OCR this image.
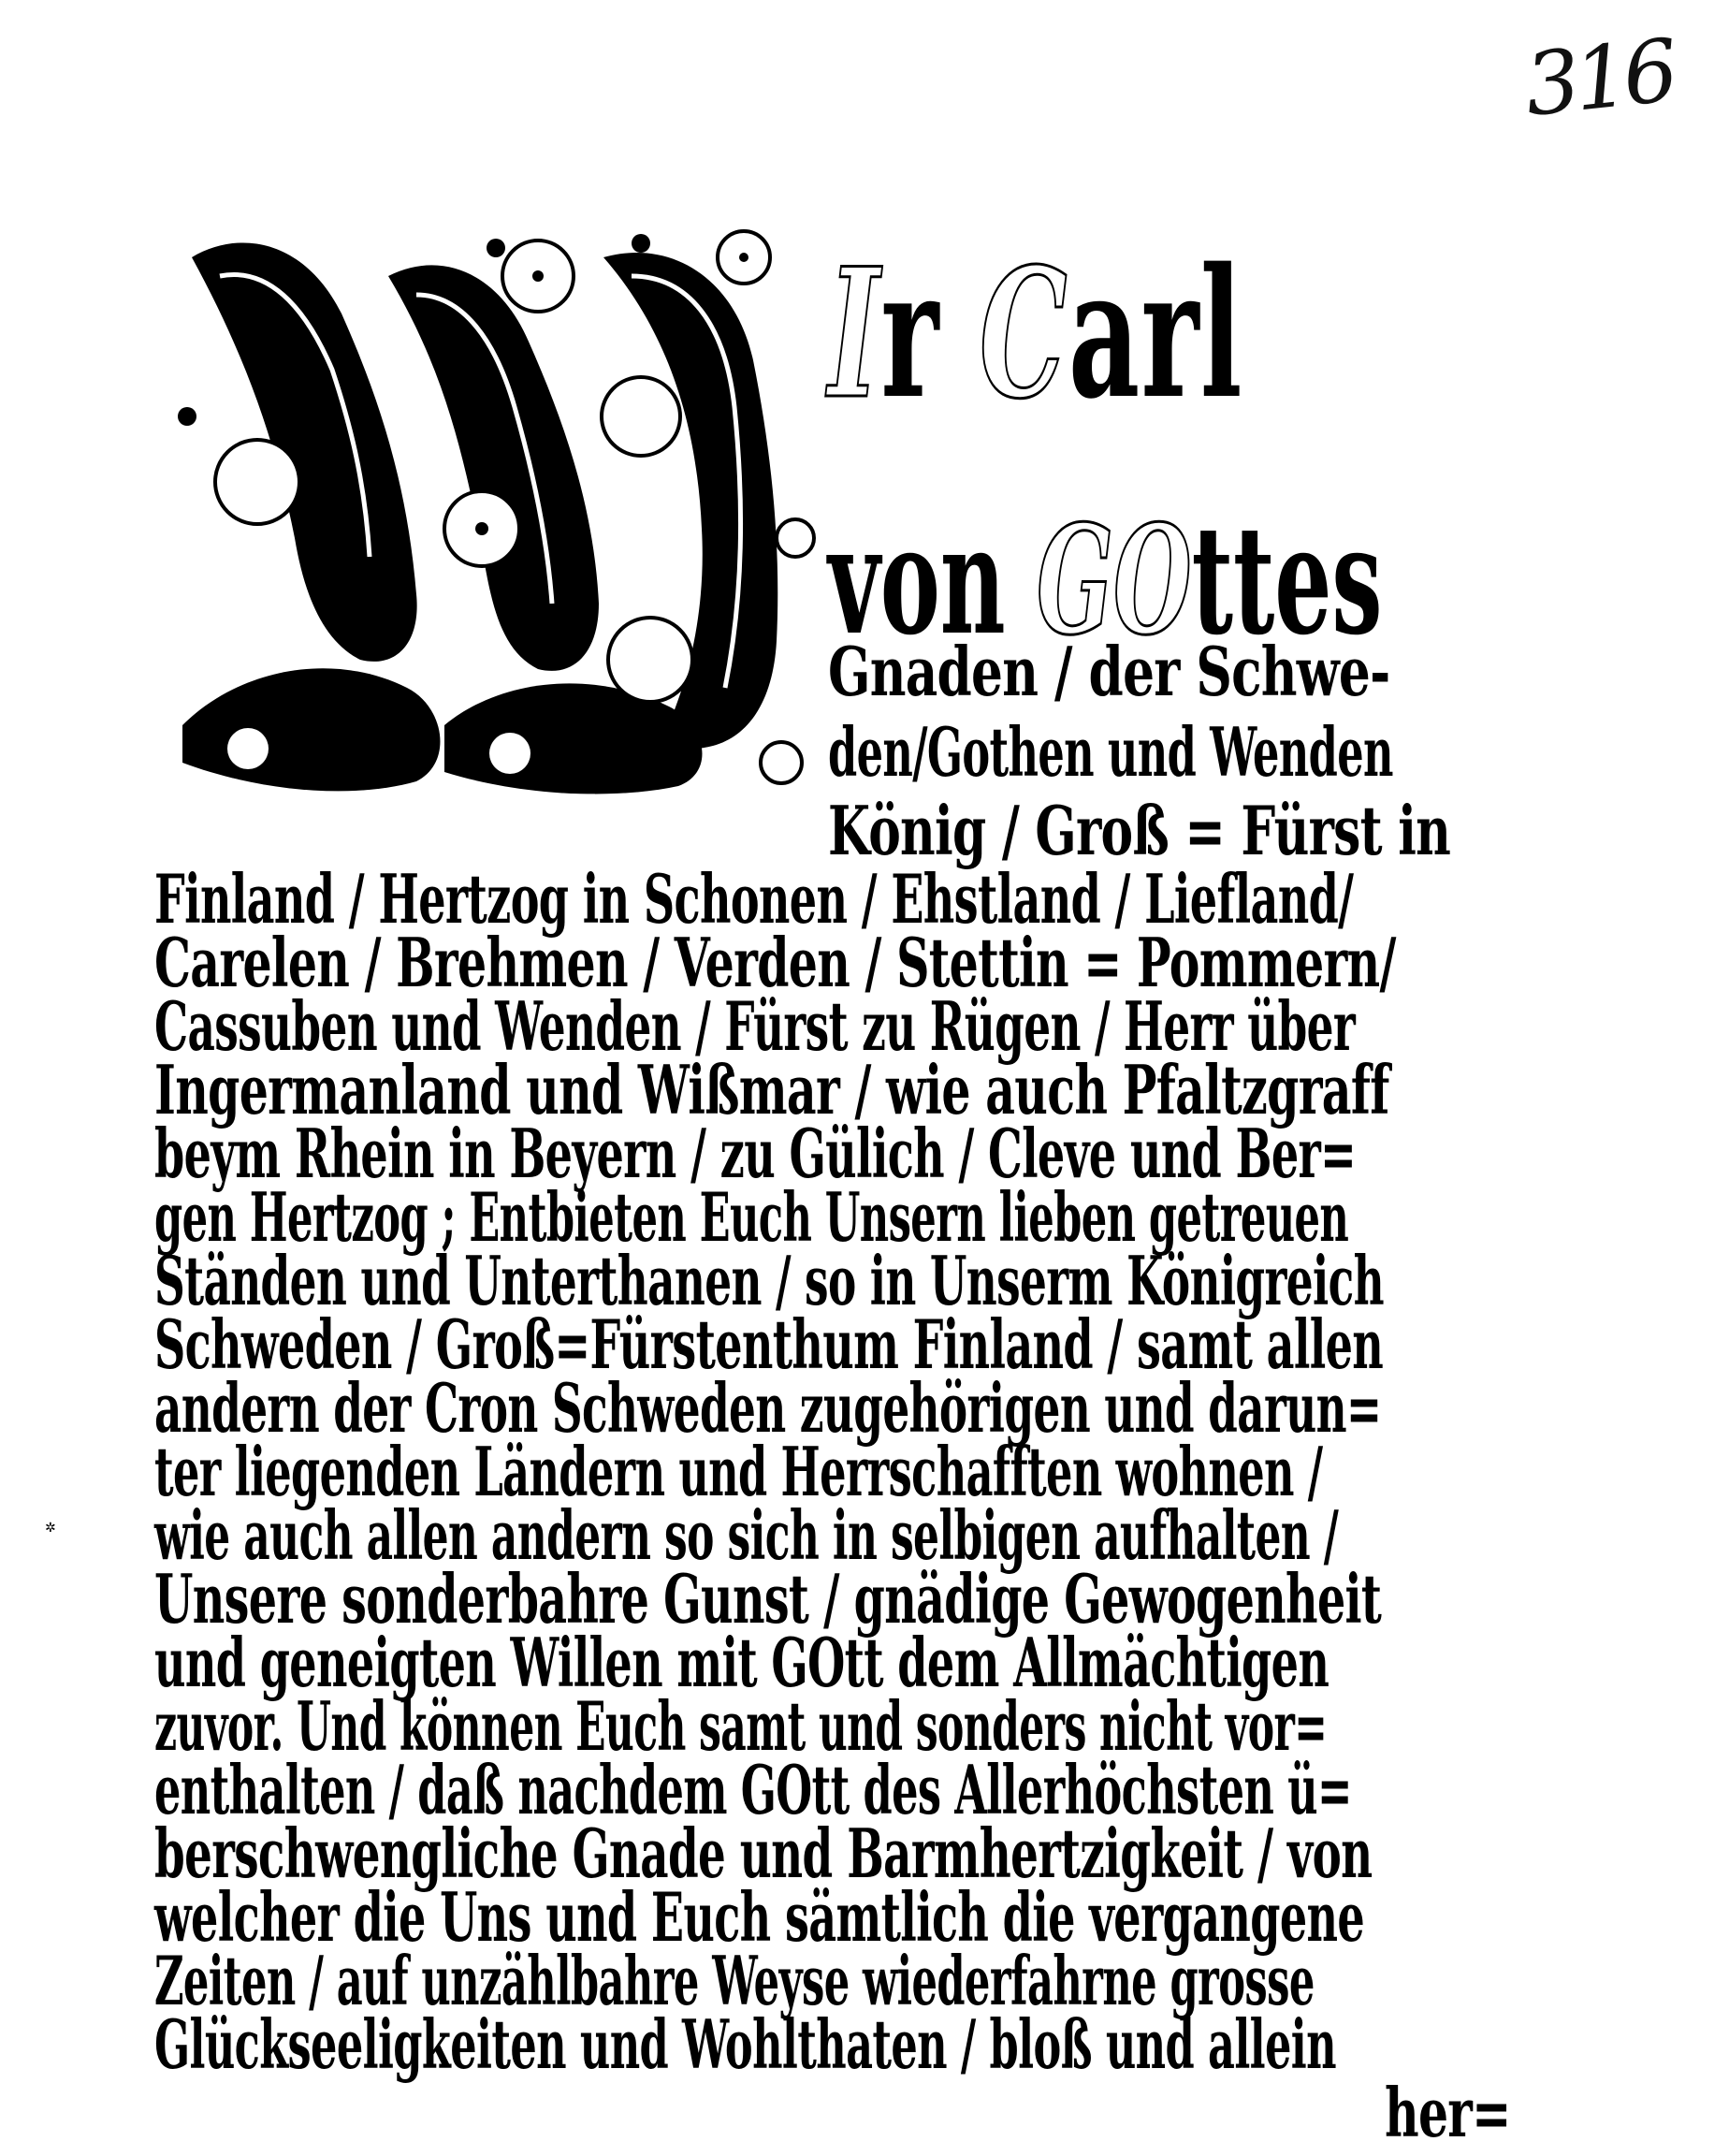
316
✲
Ir Carl
von GOttes
Gnaden / der Schwe-
den/Gothen und Wenden
König / Groß = Fürst in
Finland / Hertzog in Schonen / Ehstland / Liefland/
Carelen / Brehmen / Verden / Stettin = Pommern/
Cassuben und Wenden / Fürst zu Rügen / Herr über
Ingermanland und Wißmar / wie auch Pfaltzgraff
beym Rhein in Beyern / zu Gülich / Cleve und Ber=
gen Hertzog ; Entbieten Euch Unsern lieben getreuen
Ständen und Unterthanen / so in Unserm Königreich
Schweden / Groß=Fürstenthum Finland / samt allen
andern der Cron Schweden zugehörigen und darun=
ter liegenden Ländern und Herrschafften wohnen /
wie auch allen andern so sich in selbigen aufhalten /
Unsere sonderbahre Gunst / gnädige Gewogenheit
und geneigten Willen mit GOtt dem Allmächtigen
zuvor. Und können Euch samt und sonders nicht vor=
enthalten / daß nachdem GOtt des Allerhöchsten ü=
berschwengliche Gnade und Barmhertzigkeit / von
welcher die Uns und Euch sämtlich die vergangene
Zeiten / auf unzählbahre Weyse wiederfahrne grosse
Glückseeligkeiten und Wohlthaten / bloß und allein
her=
